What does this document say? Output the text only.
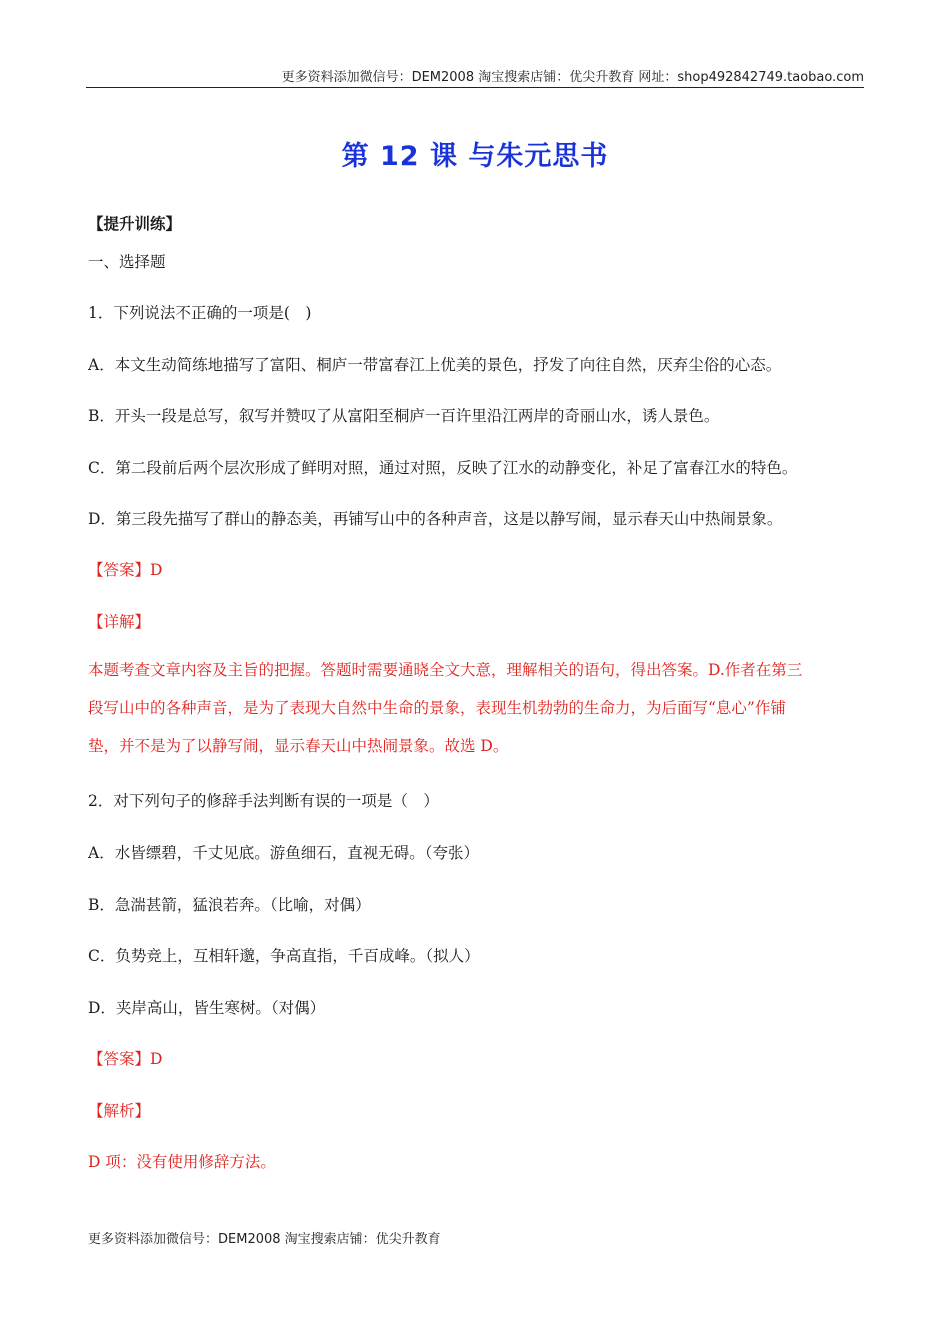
更多资料添加微信号：DEM2008 淘宝搜索店铺：优尖升教育 网址：shop492842749.taobao.com
第 12 课 与朱元思书
【提升训练】
一、选择题
1．下列说法不正确的一项是(　)
A．本文生动简练地描写了富阳、桐庐一带富春江上优美的景色，抒发了向往自然，厌弃尘俗的心态。
B．开头一段是总写，叙写并赞叹了从富阳至桐庐一百许里沿江两岸的奇丽山水，诱人景色。
C．第二段前后两个层次形成了鲜明对照，通过对照，反映了江水的动静变化，补足了富春江水的特色。
D．第三段先描写了群山的静态美，再铺写山中的各种声音，这是以静写闹，显示春天山中热闹景象。
【答案】D
【详解】
本题考查文章内容及主旨的把握。答题时需要通晓全文大意，理解相关的语句，得出答案。D.作者在第三
段写山中的各种声音，是为了表现大自然中生命的景象，表现生机勃勃的生命力，为后面写“息心”作铺
垫，并不是为了以静写闹，显示春天山中热闹景象。故选 D。
2．对下列句子的修辞手法判断有误的一项是（　）
A．水皆缥碧，千丈见底。游鱼细石，直视无碍。（夸张）
B．急湍甚箭，猛浪若奔。（比喻，对偶）
C．负势竞上，互相轩邈，争高直指，千百成峰。（拟人）
D．夹岸高山，皆生寒树。（对偶）
【答案】D
【解析】
D 项：没有使用修辞方法。
更多资料添加微信号：DEM2008 淘宝搜索店铺：优尖升教育
